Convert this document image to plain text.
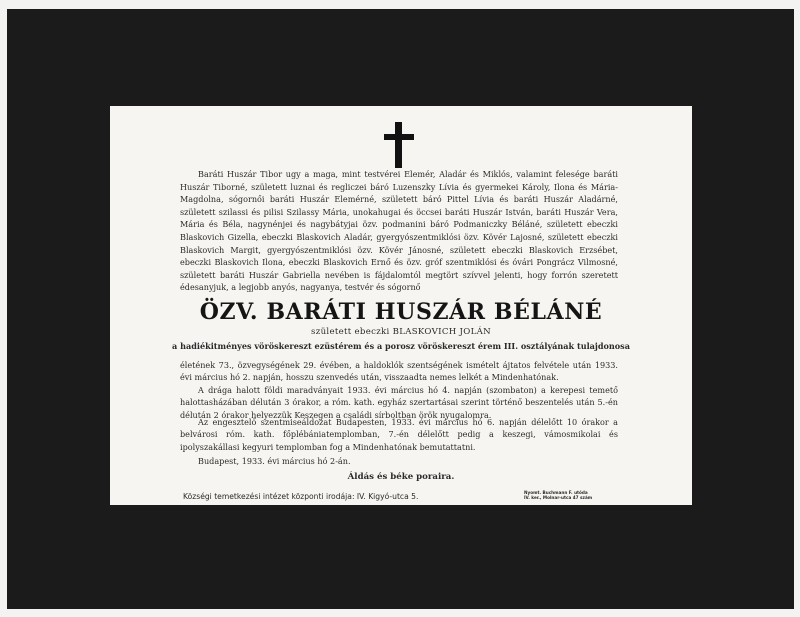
Baráti Huszár Tibor ugy a maga, mint testvérei Elemér, Aladár és Miklós, valamint felesége baráti Huszár Tiborné, született luznai és regliczei báró Luzenszky Lívia és gyermekei Károly, Ilona és Mária-Magdolna, sógornői baráti Huszár Elemérné, született báró Pittel Lívia és baráti Huszár Aladárné, született szilassi és pilisi Szilassy Mária, unokahugai és öccsei baráti Huszár István, baráti Huszár Vera, Mária és Béla, nagynénjei és nagybátyjai özv. podmanini báró Podmaniczky Béláné, született ebeczki Blaskovich Gizella, ebeczki Blaskovich Aladár, gyergyószentmiklósi özv. Kövér Lajosné, született ebeczki Blaskovich Margit, gyergyószentmiklósi özv. Kövér Jánosné, született ebeczki Blaskovich Erzsébet, ebeczki Blaskovich Ilona, ebeczki Blaskovich Ernő és özv. gróf szentmiklósi és óvári Pongrácz Vilmosné, született baráti Huszár Gabriella nevében is fájdalomtól megtört szívvel jelenti, hogy forrón szeretett édesanyjuk, a legjobb anyós, nagyanya, testvér és sógornő
ÖZV. BARÁTI HUSZÁR BÉLÁNÉ
született ebeczki BLASKOVICH JOLÁN
a hadiékitményes vöröskereszt ezüstérem és a porosz vöröskereszt érem III. osztályának tulajdonosa
életének 73., özvegységének 29. évében, a haldoklók szentségének ismételt ájtatos felvétele után 1933. évi március hó 2. napján, hosszu szenvedés után, visszaadta nemes lelkét a Mindenhatónak.
A drága halott földi maradványait 1933. évi március hó 4. napján (szombaton) a kerepesi temető halottasházában délután 3 órakor, a róm. kath. egyház szertartásai szerint történő beszentelés után 5.-én délután 2 órakor helyezzük Keszegen a családi sírboltban örök nyugalomra.
Az engesztelő szentmiseáldozat Budapesten, 1933. évi március hó 6. napján délelőtt 10 órakor a belvárosi róm. kath. főplébániatemplomban, 7.-én délelőtt pedig a keszegi, vámosmikolai és ipolyszakállasi kegyuri templomban fog a Mindenhatónak bemutattatni.
Budapest, 1933. évi március hó 2-án.
Áldás és béke poraira.
Községi temetkezési intézet központi irodája: IV. Kigyó-utca 5.	Nyomt. Buchmann F. utóda
IV. ker., Molnar-utca 47 szám
